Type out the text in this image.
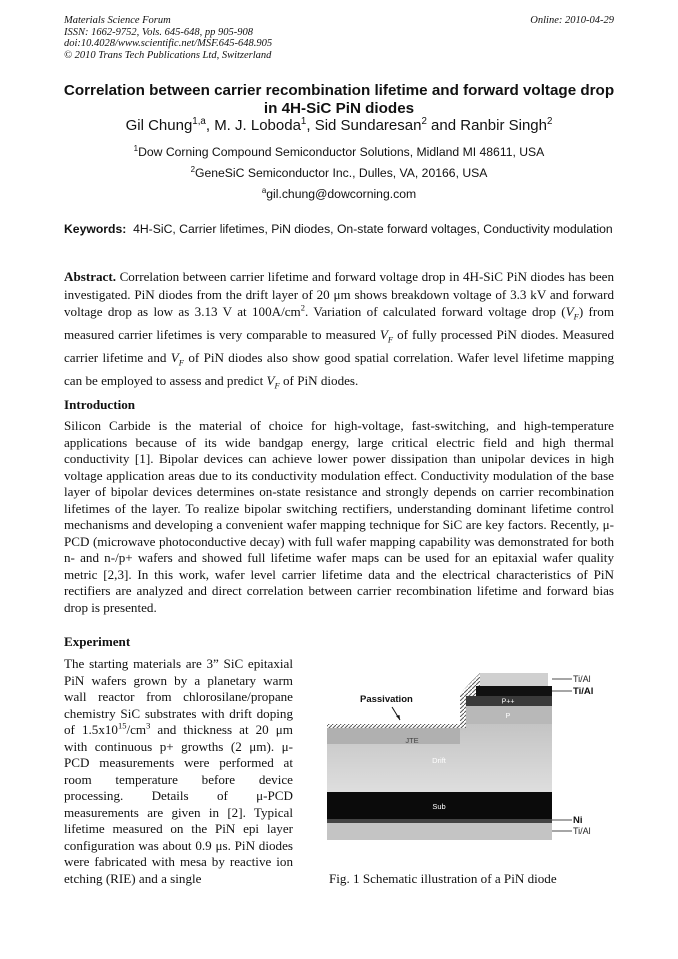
Materials Science Forum
ISSN: 1662-9752, Vols. 645-648, pp 905-908
doi:10.4028/www.scientific.net/MSF.645-648.905
© 2010 Trans Tech Publications Ltd, Switzerland
Online: 2010-04-29
Correlation between carrier recombination lifetime and forward voltage drop in 4H-SiC PiN diodes
Gil Chung$^{1,a}$, M. J. Loboda$^1$, Sid Sundaresan$^2$ and Ranbir Singh$^2$
$^1$Dow Corning Compound Semiconductor Solutions, Midland MI 48611, USA
$^2$GeneSiC Semiconductor Inc., Dulles, VA, 20166, USA
$^a$gil.chung@dowcorning.com
Keywords: 4H-SiC, Carrier lifetimes, PiN diodes, On-state forward voltages, Conductivity modulation
Abstract. Correlation between carrier lifetime and forward voltage drop in 4H-SiC PiN diodes has been investigated. PiN diodes from the drift layer of 20 μm shows breakdown voltage of 3.3 kV and forward voltage drop as low as 3.13 V at $100A/cm^2$. Variation of calculated forward voltage drop $(V_F)$ from measured carrier lifetimes is very comparable to measured $V_F$ of fully processed PiN diodes. Measured carrier lifetime and $V_F$ of PiN diodes also show good spatial correlation. Wafer level lifetime mapping can be employed to assess and predict $V_F$ of PiN diodes.
Introduction
Silicon Carbide is the material of choice for high-voltage, fast-switching, and high-temperature applications because of its wide bandgap energy, large critical electric field and high thermal conductivity [1]. Bipolar devices can achieve lower power dissipation than unipolar devices in high voltage application areas due to its conductivity modulation effect. Conductivity modulation of the base layer of bipolar devices determines on-state resistance and strongly depends on carrier recombination lifetimes of the layer. To realize bipolar switching rectifiers, understanding dominant lifetime control mechanisms and developing a convenient wafer mapping technique for SiC are key factors. Recently, μ-PCD (microwave photoconductive decay) with full wafer mapping capability was demonstrated for both n- and n-/p+ wafers and showed full lifetime wafer maps can be used for an epitaxial wafer quality metric [2,3]. In this work, wafer level carrier lifetime data and the electrical characteristics of PiN rectifiers are analyzed and direct correlation between carrier recombination lifetime and forward bias drop is presented.
Experiment
The starting materials are 3” SiC epitaxial PiN wafers grown by a planetary warm wall reactor from chlorosilane/propane chemistry SiC substrates with drift doping of $1.5x10^{15}/cm^3$ and thickness at 20 μm with continuous p+ growths (2 μm). μ-PCD measurements were performed at room temperature before device processing. Details of μ-PCD measurements are given in [2]. Typical lifetime measured on the PiN epi layer configuration was about 0.9 μs. PiN diodes were fabricated with mesa by reactive ion etching (RIE) and a single
P++
P
JTE
Drift
Sub
Passivation
Ti/Al
Ti/Al
Ni
Ti/Al
Fig. 1 Schematic illustration of a PiN diode
